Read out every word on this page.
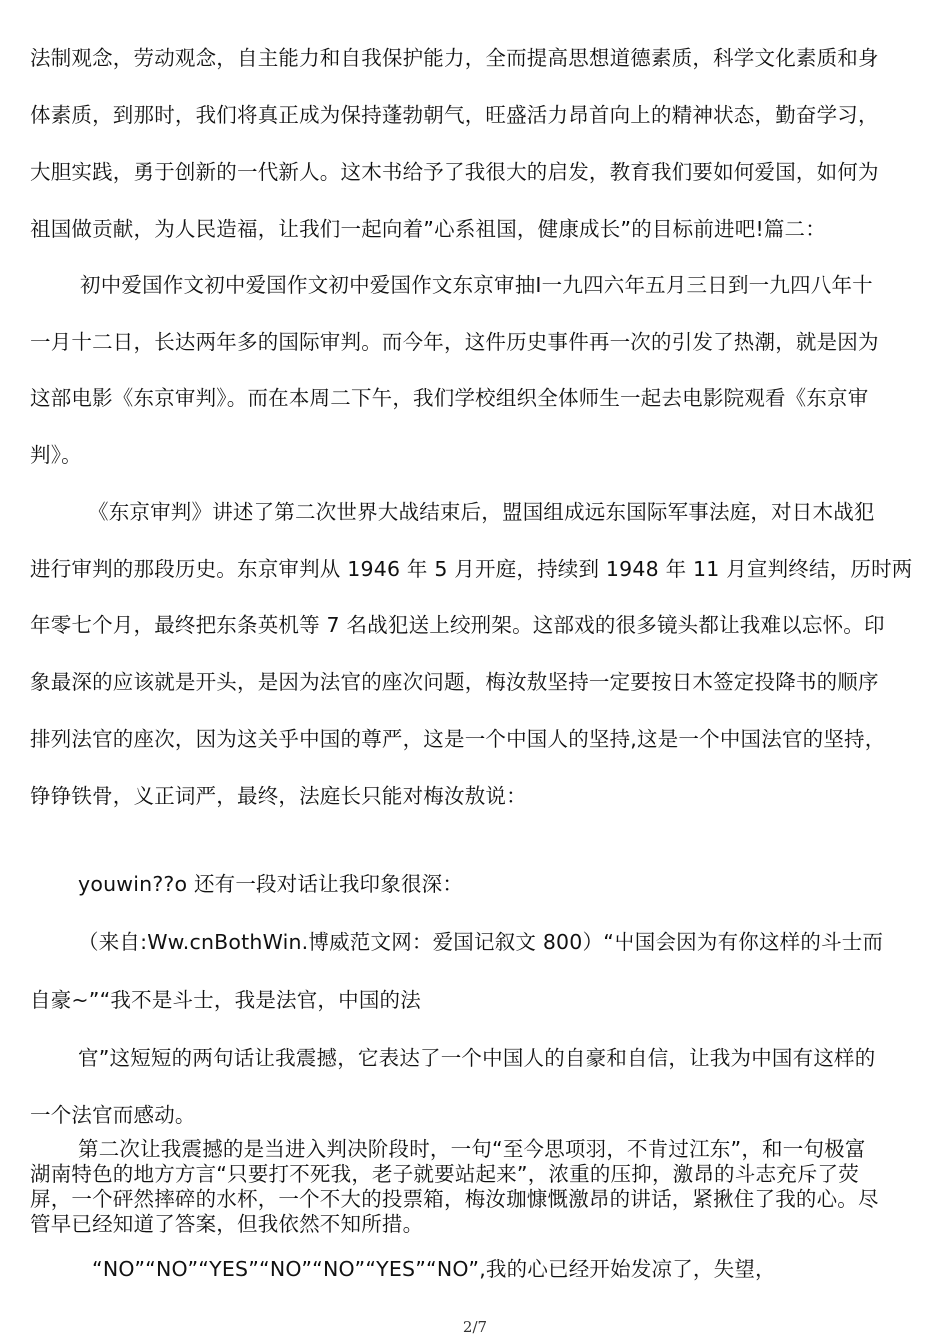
法制观念，劳动观念，自主能力和自我保护能力，全而提高思想道德素质，科学文化素质和身
体素质，到那时，我们将真正成为保持蓬勃朝气，旺盛活力昂首向上的精神状态，勤奋学习，
大胆实践，勇于创新的一代新人。这木书给予了我很大的启发，教育我们要如何爱国，如何为
祖国做贡献，为人民造福，让我们一起向着”心系祖国，健康成长”的目标前进吧!篇二：
初中爱国作文初中爱国作文初中爱国作文东京审抽Ⅰ一九四六年五月三日到一九四八年十
一月十二日，长达两年多的国际审判。而今年，这件历史事件再一次的引发了热潮，就是因为
这部电影《东京审判》。而在本周二下午，我们学校组织全体师生一起去电影院观看《东京审
判》。
《东京审判》讲述了第二次世界大战结束后，盟国组成远东国际军事法庭，对日木战犯
进行审判的那段历史。东京审判从 1946 年 5 月开庭，持续到 1948 年 11 月宣判终结，历时两
年零七个月，最终把东条英机等 7 名战犯送上绞刑架。这部戏的很多镜头都让我难以忘怀。印
象最深的应该就是开头，是因为法官的座次问题，梅汝敖坚持一定要按日木签定投降书的顺序
排列法官的座次，因为这关乎中国的尊严，这是一个中国人的坚持,这是一个中国法官的坚持，
铮铮铁骨，义正词严，最终，法庭长只能对梅汝敖说：
youwin??o 还有一段对话让我印象很深：
（来自:Ww.cnBothWin.博威范文网：爱国记叙文 800）“屮国会因为有你这样的斗士而
自豪~”“我不是斗士，我是法官，中国的法
官”这短短的两句话让我震撼，它表达了一个中国人的自豪和自信，让我为中国有这样的
一个法官而感动。
第二次让我震撼的是当进入判决阶段时，一句“至今思项羽，不肯过江东”，和一句极富
湖南特色的地方方言“只要打不死我，老子就要站起来”，浓重的压抑，激昂的斗志充斥了荧
屏，一个砰然摔碎的水杯，一个不大的投票箱，梅汝珈慷慨激昂的讲话，紧揪住了我的心。尽
管早已经知道了答案，但我依然不知所措。
“NO”“NO”“YES”“NO”“NO”“YES”“NO”,我的心已经开始发凉了，失望，
2/7
